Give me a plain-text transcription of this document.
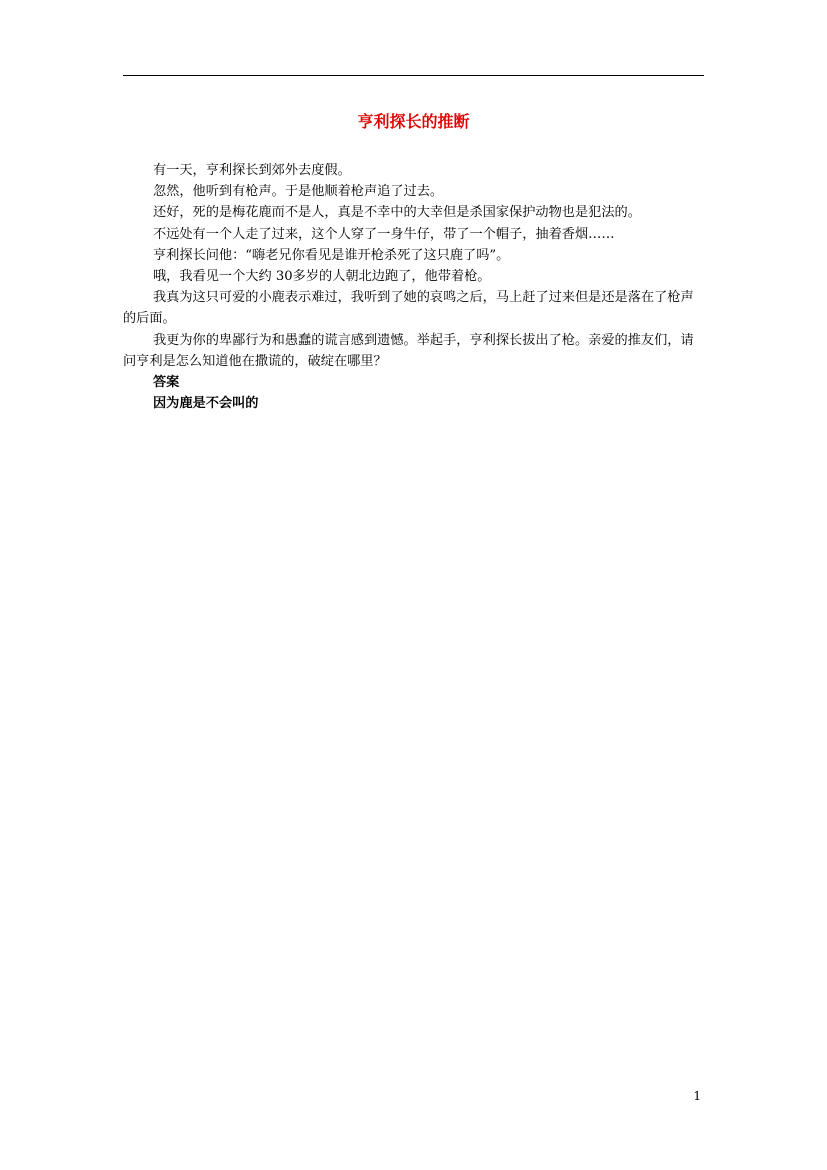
亨利探长的推断

有一天，亨利探长到郊外去度假。

忽然，他听到有枪声。于是他顺着枪声追了过去。

还好，死的是梅花鹿而不是人，真是不幸中的大幸但是杀国家保护动物也是犯法的。

不远处有一个人走了过来，这个人穿了一身牛仔，带了一个帽子，抽着香烟……

亨利探长问他：“嗨老兄你看见是谁开枪杀死了这只鹿了吗”。

哦，我看见一个大约 30多岁的人朝北边跑了，他带着枪。

我真为这只可爱的小鹿表示难过，我听到了她的哀鸣之后，马上赶了过来但是还是落在了枪声的后面。

我更为你的卑鄙行为和愚蠢的谎言感到遗憾。举起手，亨利探长拔出了枪。亲爱的推友们，请问亨利是怎么知道他在撒谎的，破绽在哪里？

答案

因为鹿是不会叫的

1
